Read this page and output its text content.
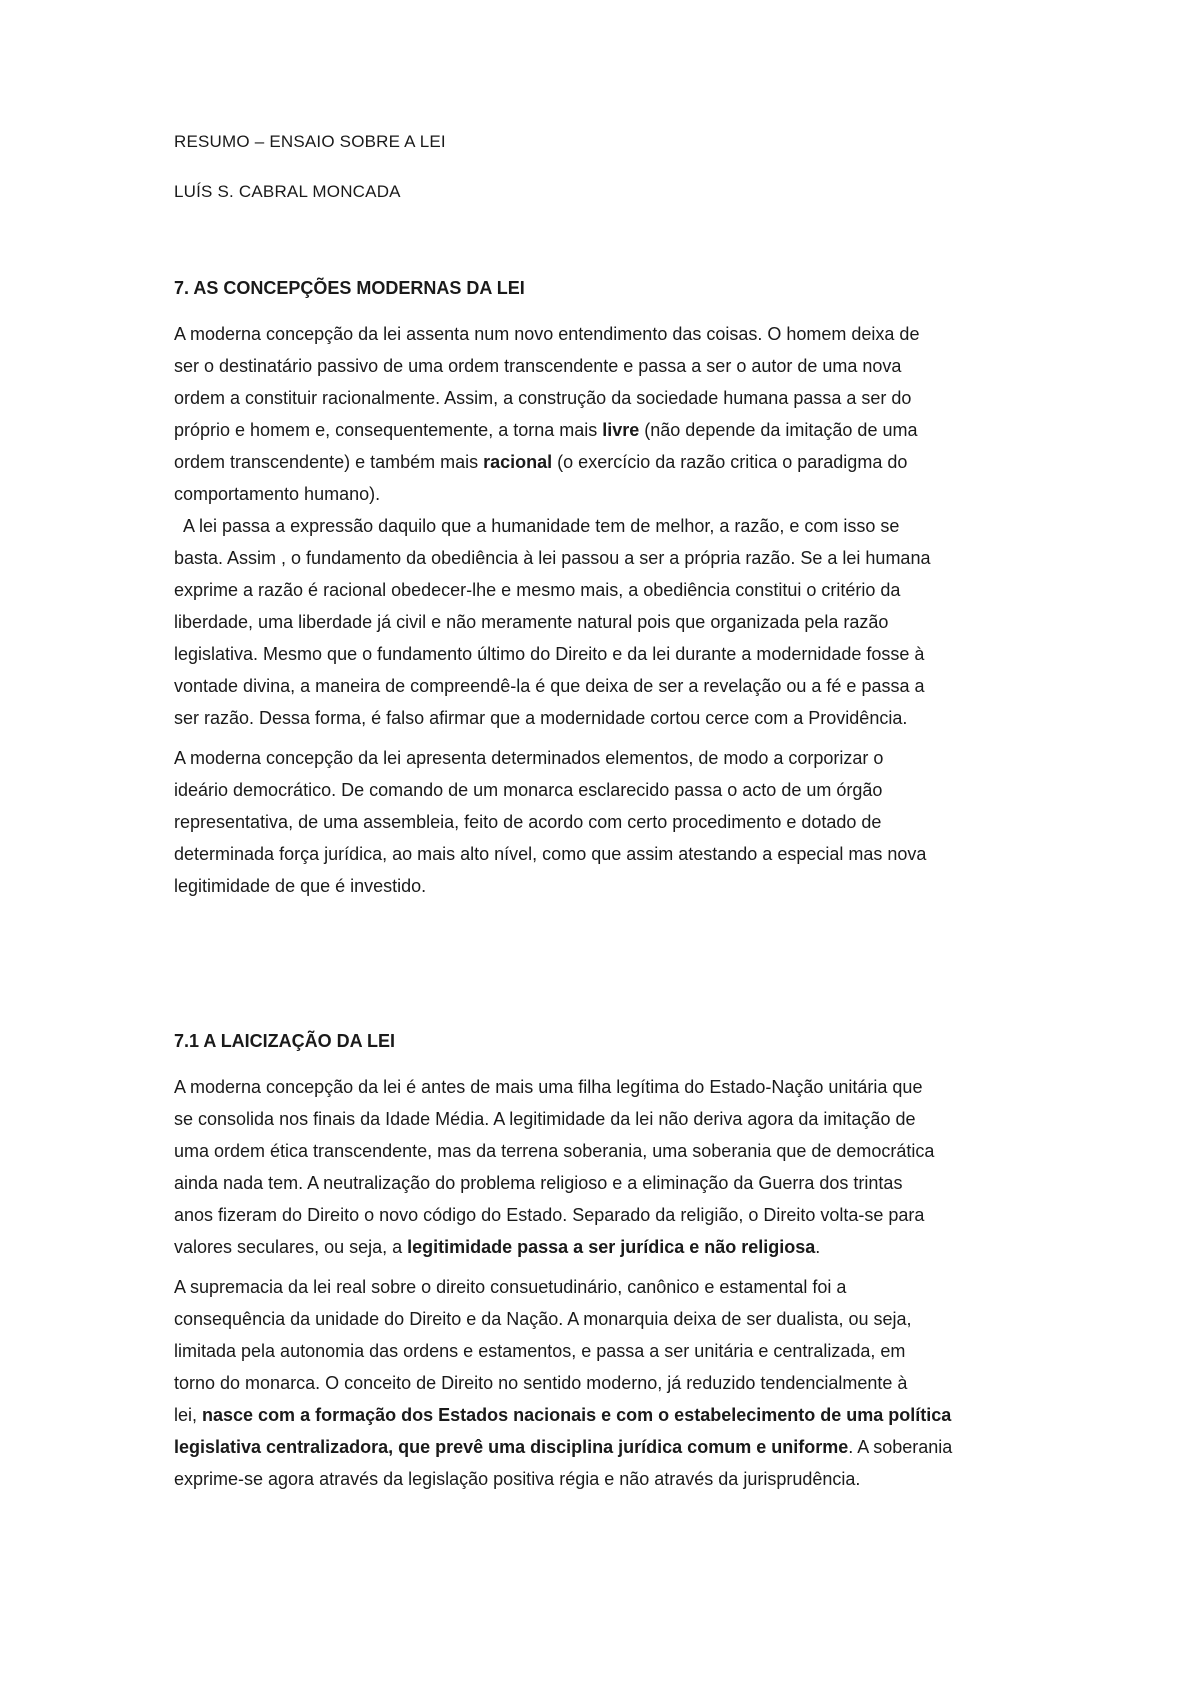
RESUMO – ENSAIO SOBRE A LEI

LUÍS S. CABRAL MONCADA

7. AS CONCEPÇÕES MODERNAS DA LEI

A moderna concepção da lei assenta num novo entendimento das coisas. O homem deixa de

ser o destinatário passivo de uma ordem transcendente e passa a ser o autor de uma nova

ordem a constituir racionalmente. Assim, a construção da sociedade humana passa a ser do

próprio e homem e, consequentemente, a torna mais livre (não depende da imitação de uma

ordem transcendente) e também mais racional (o exercício da razão critica o paradigma do

comportamento humano).

A lei passa a expressão daquilo que a humanidade tem de melhor, a razão, e com isso se

basta. Assim , o fundamento da obediência à lei passou a ser a própria razão. Se a lei humana

exprime a razão é racional obedecer-lhe e mesmo mais, a obediência constitui o critério da

liberdade, uma liberdade já civil e não meramente natural pois que organizada pela razão

legislativa. Mesmo que o fundamento último do Direito e da lei durante a modernidade fosse à

vontade divina, a maneira de compreendê-la é que deixa de ser a revelação ou a fé e passa a

ser razão. Dessa forma, é falso afirmar que a modernidade cortou cerce com a Providência.

A moderna concepção da lei apresenta determinados elementos, de modo a corporizar o

ideário democrático. De comando de um monarca esclarecido passa o acto de um órgão

representativa, de uma assembleia, feito de acordo com certo procedimento e dotado de

determinada força jurídica, ao mais alto nível, como que assim atestando a especial mas nova

legitimidade de que é investido.

7.1 A LAICIZAÇÃO DA LEI

A moderna concepção da lei é antes de mais uma filha legítima do Estado-Nação unitária que

se consolida nos finais da Idade Média. A legitimidade da lei não deriva agora da imitação de

uma ordem ética transcendente, mas da terrena soberania, uma soberania que de democrática

ainda nada tem. A neutralização do problema religioso e a eliminação da Guerra dos trintas

anos fizeram do Direito o novo código do Estado. Separado da religião, o Direito volta-se para

valores seculares, ou seja, a legitimidade passa a ser jurídica e não religiosa.

A supremacia da lei real sobre o direito consuetudinário, canônico e estamental foi a

consequência da unidade do Direito e da Nação. A monarquia deixa de ser dualista, ou seja,

limitada pela autonomia das ordens e estamentos, e passa a ser unitária e centralizada, em

torno do monarca. O conceito de Direito no sentido moderno, já reduzido tendencialmente à

lei, nasce com a formação dos Estados nacionais e com o estabelecimento de uma política

legislativa centralizadora, que prevê uma disciplina jurídica comum e uniforme. A soberania

exprime-se agora através da legislação positiva régia e não através da jurisprudência.
